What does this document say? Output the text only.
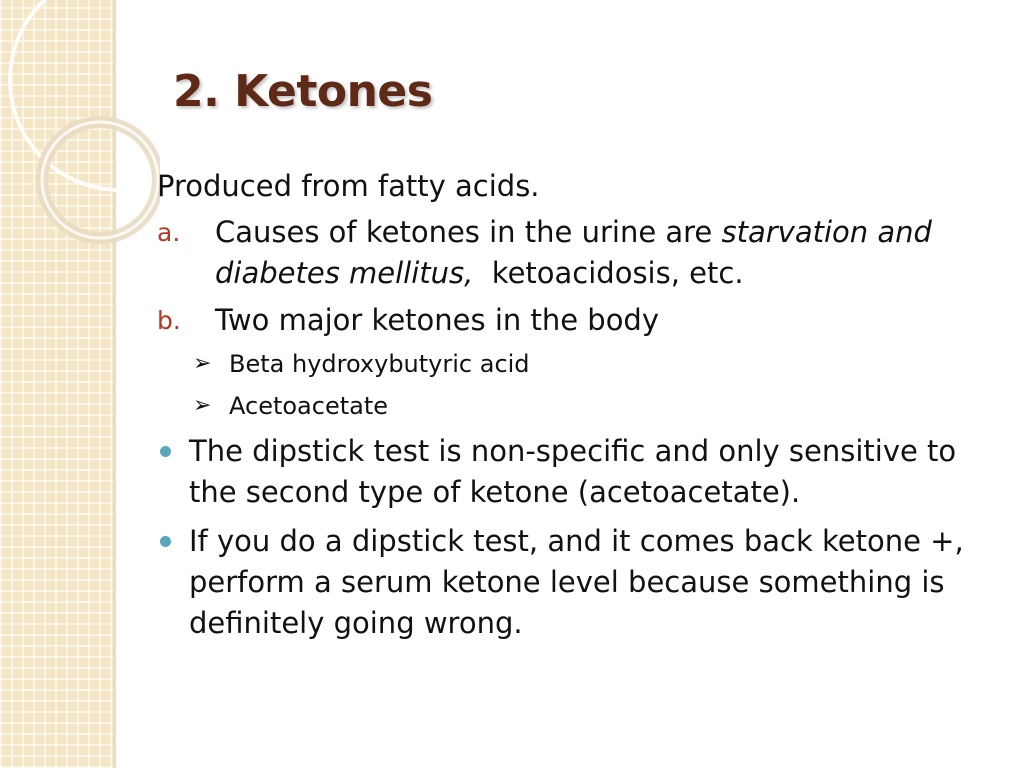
2. Ketones

Produced from fatty acids.

a. Causes of ketones in the urine are starvation and diabetes mellitus,  ketoacidosis, etc.
b. Two major ketones in the body
➢ Beta hydroxybutyric acid
➢ Acetoacetate
The dipstick test is non-specific and only sensitive to the second type of ketone (acetoacetate).
If you do a dipstick test, and it comes back ketone +, perform a serum ketone level because something is definitely going wrong.
